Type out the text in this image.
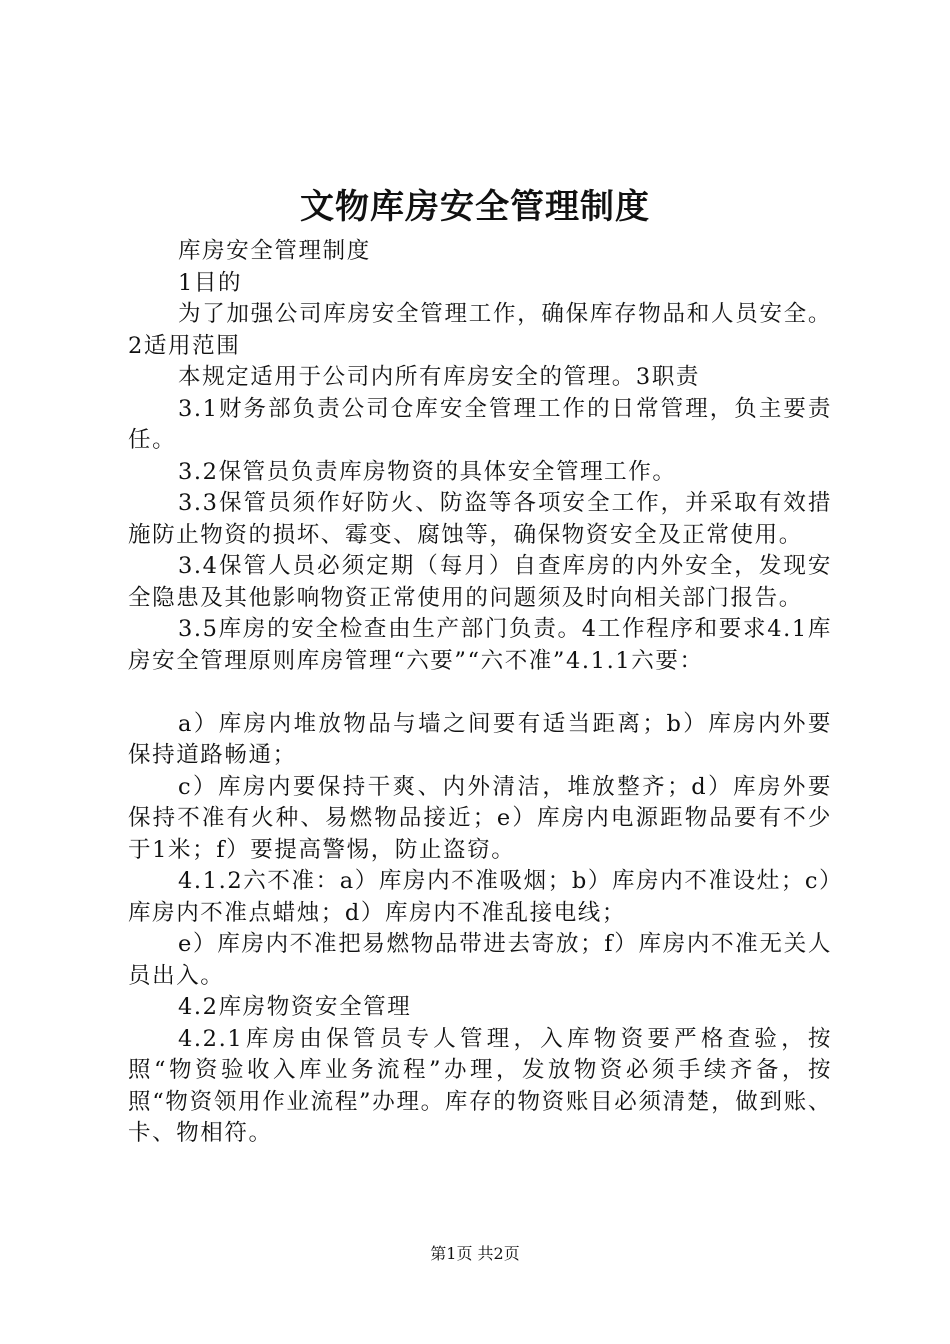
文物库房安全管理制度

库房安全管理制度

1目的

为了加强公司库房安全管理工作，确保库存物品和人员安全。2适用范围

本规定适用于公司内所有库房安全的管理。3职责

3.1财务部负责公司仓库安全管理工作的日常管理，负主要责任。

3.2保管员负责库房物资的具体安全管理工作。

3.3保管员须作好防火、防盗等各项安全工作，并采取有效措施防止物资的损坏、霉变、腐蚀等，确保物资安全及正常使用。

3.4保管人员必须定期（每月）自查库房的内外安全，发现安全隐患及其他影响物资正常使用的问题须及时向相关部门报告。

3.5库房的安全检查由生产部门负责。4工作程序和要求4.1库房安全管理原则库房管理“六要”“六不准”4.1.1六要：

a）库房内堆放物品与墙之间要有适当距离；b）库房内外要保持道路畅通；

c）库房内要保持干爽、内外清洁，堆放整齐；d）库房外要保持不准有火种、易燃物品接近；e）库房内电源距物品要有不少于1米；f）要提高警惕，防止盗窃。

4.1.2六不准：a）库房内不准吸烟；b）库房内不准设灶；c）库房内不准点蜡烛；d）库房内不准乱接电线；

e）库房内不准把易燃物品带进去寄放；f）库房内不准无关人员出入。

4.2库房物资安全管理

4.2.1库房由保管员专人管理，入库物资要严格查验，按照“物资验收入库业务流程”办理，发放物资必须手续齐备，按照“物资领用作业流程”办理。库存的物资账目必须清楚，做到账、卡、物相符。

第1页 共2页
